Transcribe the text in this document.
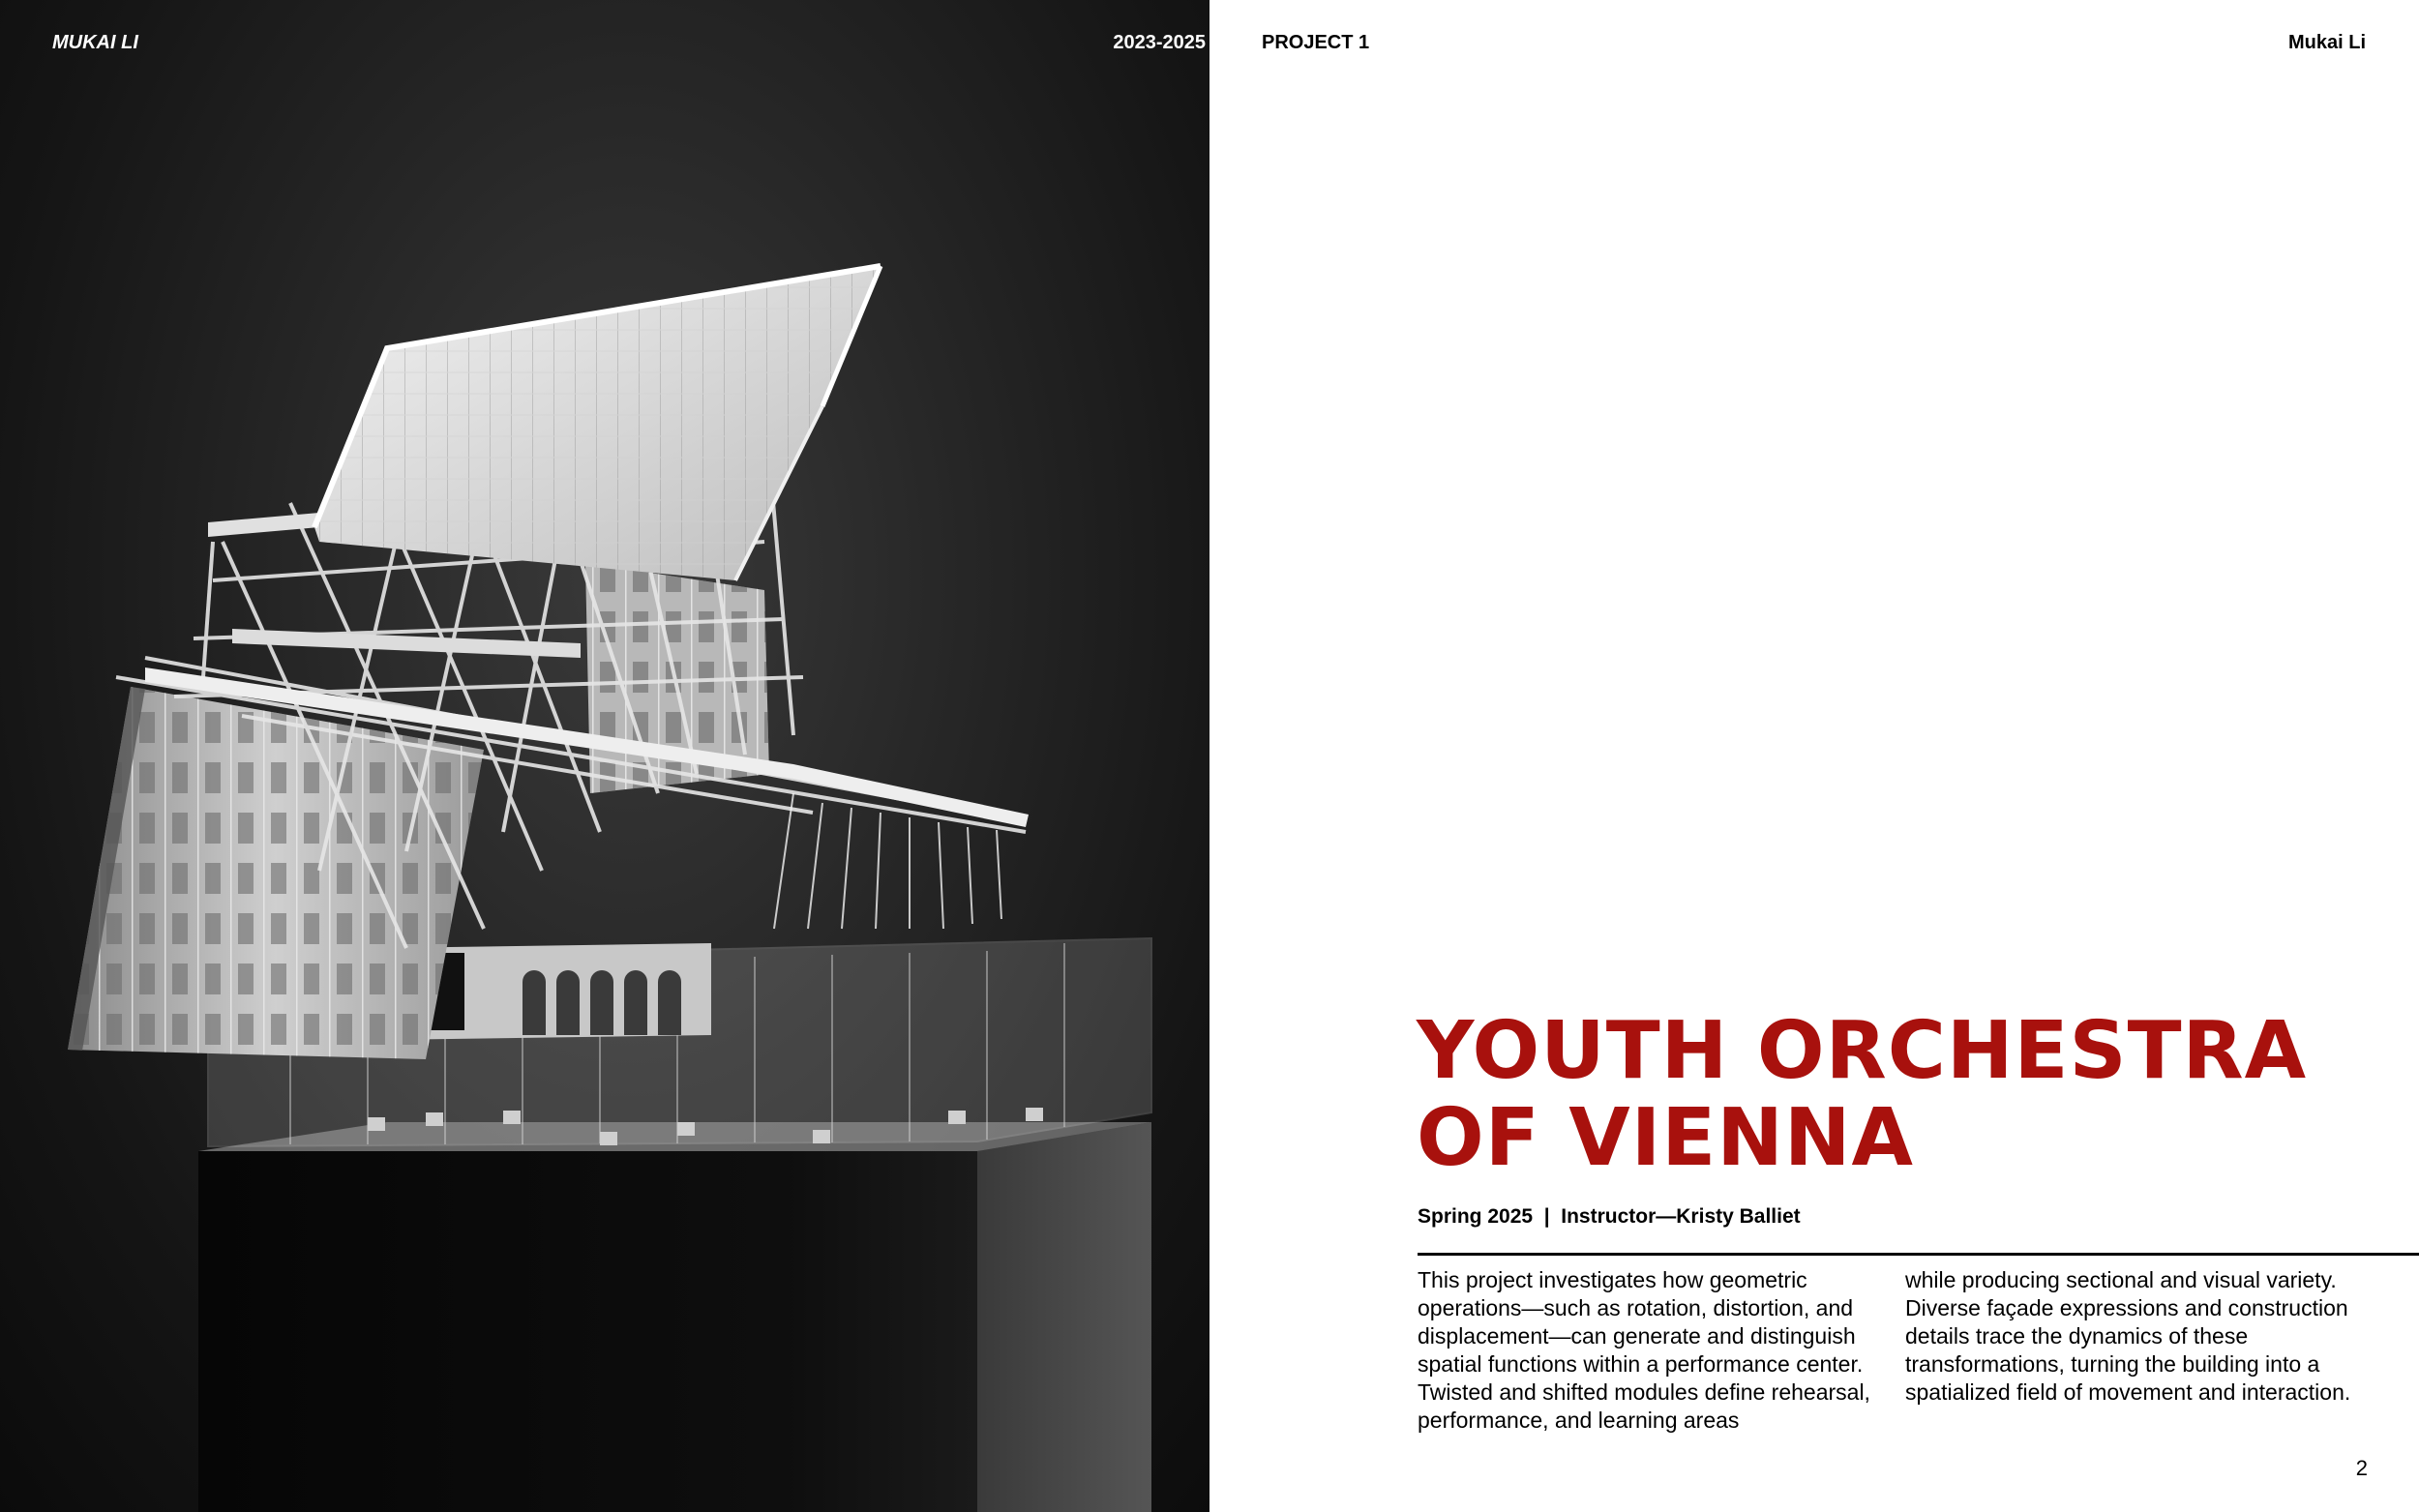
MUKAI LI	2023-2025	PROJECT 1	Mukai Li
YOUTH ORCHESTRA
OF VIENNA
Spring 2025  |  Instructor—Kristy Balliet

This project investigates how geometric operations—such as rotation, distortion, and displacement—can generate and distinguish spatial functions within a performance center. Twisted and shifted modules define rehearsal, performance, and learning areas

while producing sectional and visual variety. Diverse façade expressions and construction details trace the dynamics of these transformations, turning the building into a spatialized field of movement and interaction.

2
